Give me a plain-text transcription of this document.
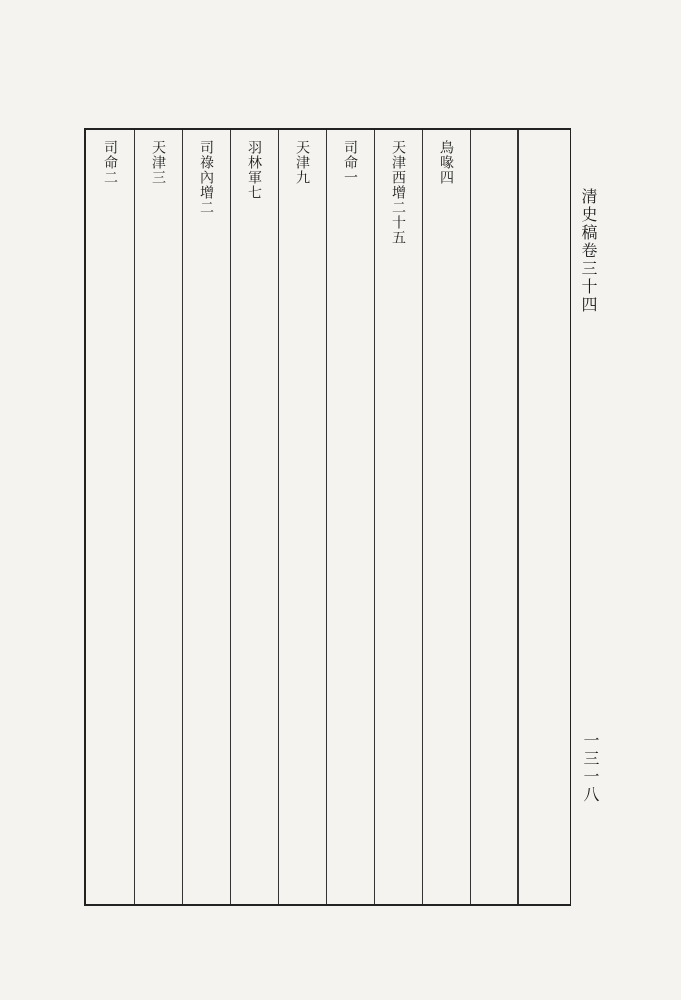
清史稿卷三十四
一三一八
鳥喙四
天津西增二十五
司命一
天津九
羽林軍七
司祿內增二
天津三
司命二
